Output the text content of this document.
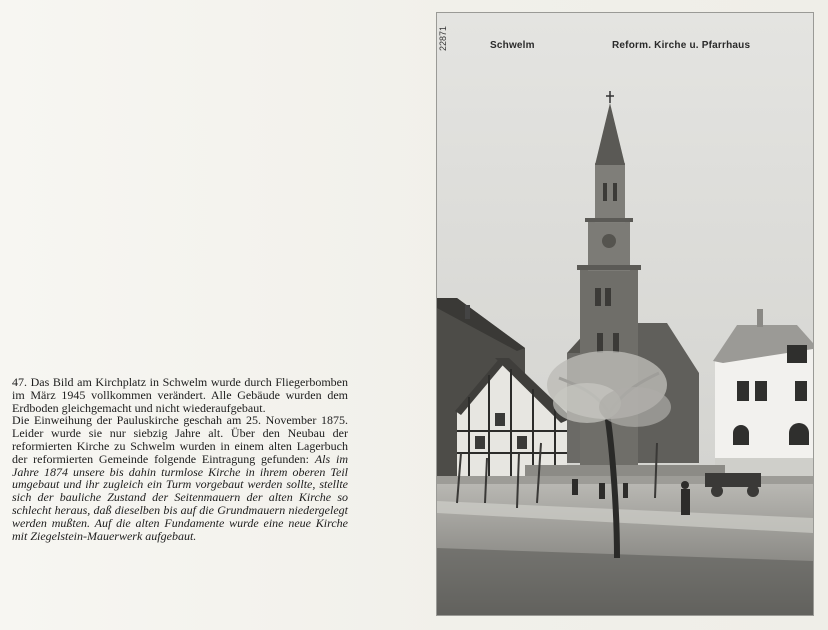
47. Das Bild am Kirchplatz in Schwelm wurde durch Fliegerbomben im März 1945 vollkommen verändert. Alle Gebäude wurden dem Erdboden gleichgemacht und nicht wiederaufgebaut.

Die Einweihung der Pauluskirche geschah am 25. November 1875. Leider wurde sie nur siebzig Jahre alt. Über den Neubau der reformierten Kirche zu Schwelm wurden in einem alten Lagerbuch der reformierten Gemeinde folgende Eintragung gefunden: Als im Jahre 1874 unsere bis dahin turmlose Kirche in ihrem oberen Teil umgebaut und ihr zugleich ein Turm vorgebaut werden sollte, stellte sich der bauliche Zustand der Seitenmauern der alten Kirche so schlecht heraus, daß dieselben bis auf die Grundmauern niedergelegt werden mußten. Auf die alten Fundamente wurde eine neue Kirche mit Ziegelstein-Mauerwerk aufgebaut.

Schwelm	Reform. Kirche u. Pfarrhaus
22871
